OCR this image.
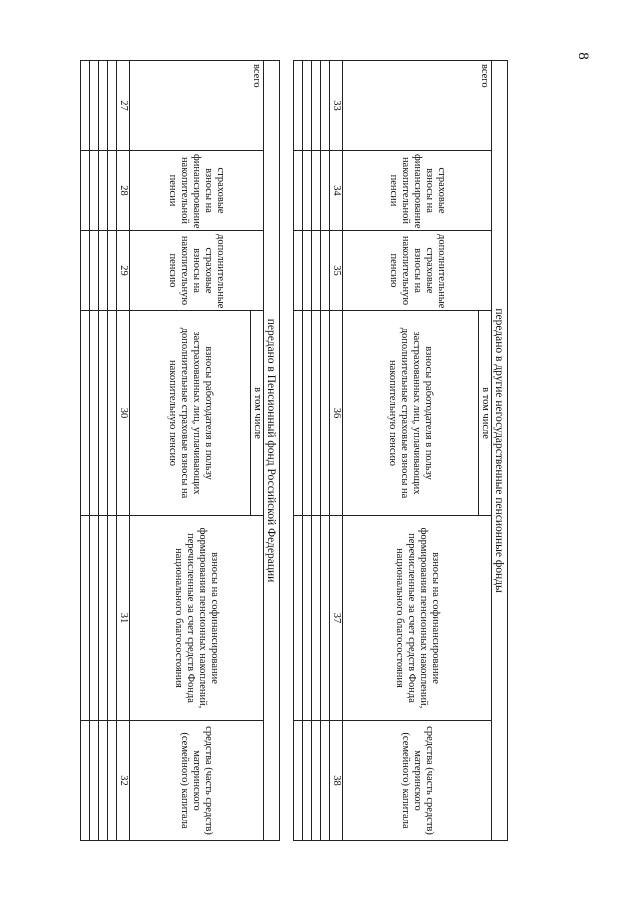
8
передано в Пенсионный фонд Российской Федерации					
всего	страховые взносы на финансирование накопительной пенсии	дополнительные страховые взносы на накопительную пенсию	в том числе	взносы на софинансирование формирования пенсионных накоплений, перечисленные за счет средств Фонда национального благосостояния	средства (часть средств) материнского (семейного) капитала
			взносы работодателя в пользу застрахованных лиц, уплачивающих дополнительные страховые взносы на накопительную пенсию		
27	28	29	30	31	32

передано в другие негосударственные пенсионные фонды					
всего	страховые взносы на финансирование накопительной пенсии	дополнительные страховые взносы на накопительную пенсию	в том числе	взносы на софинансирование формирования пенсионных накоплений, перечисленные за счет средств Фонда национального благосостояния	средства (часть средств) материнского (семейного) капитала
			взносы работодателя в пользу застрахованных лиц, уплачивающих дополнительные страховые взносы на накопительную пенсию		
33	34	35	36	37	38
